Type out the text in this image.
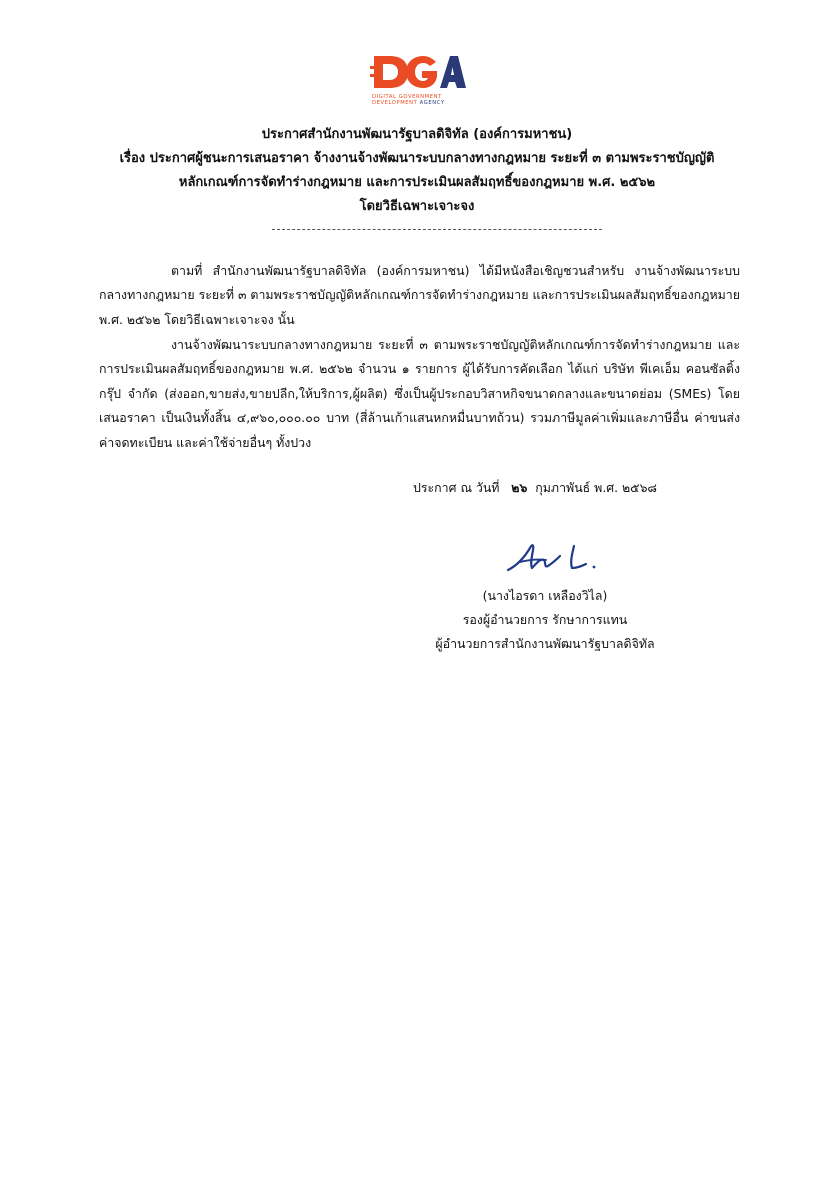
DIGITAL GOVERNMENT
DEVELOPMENT AGENCY
ประกาศสำนักงานพัฒนารัฐบาลดิจิทัล (องค์การมหาชน)
เรื่อง ประกาศผู้ชนะการเสนอราคา จ้างงานจ้างพัฒนาระบบกลางทางกฎหมาย ระยะที่ ๓ ตามพระราชบัญญัติ
หลักเกณฑ์การจัดทำร่างกฎหมาย และการประเมินผลสัมฤทธิ์ของกฎหมาย พ.ศ. ๒๕๖๒
โดยวิธีเฉพาะเจาะจง
ตามที่ สำนักงานพัฒนารัฐบาลดิจิทัล (องค์การมหาชน) ได้มีหนังสือเชิญชวนสำหรับ งานจ้างพัฒนาระบบกลางทางกฎหมาย ระยะที่ ๓ ตามพระราชบัญญัติหลักเกณฑ์การจัดทำร่างกฎหมาย และการประเมินผลสัมฤทธิ์ของกฎหมาย พ.ศ. ๒๕๖๒ โดยวิธีเฉพาะเจาะจง นั้น
งานจ้างพัฒนาระบบกลางทางกฎหมาย ระยะที่ ๓ ตามพระราชบัญญัติหลักเกณฑ์การจัดทำร่างกฎหมาย และการประเมินผลสัมฤทธิ์ของกฎหมาย พ.ศ. ๒๕๖๒ จำนวน ๑ รายการ ผู้ได้รับการคัดเลือก ได้แก่ บริษัท พีเคเอ็ม คอนซัลติ้ง กรุ๊ป จำกัด (ส่งออก,ขายส่ง,ขายปลีก,ให้บริการ,ผู้ผลิต) ซึ่งเป็นผู้ประกอบวิสาหกิจขนาดกลางและขนาดย่อม (SMEs) โดยเสนอราคา เป็นเงินทั้งสิ้น ๔,๙๖๐,๐๐๐.๐๐ บาท (สี่ล้านเก้าแสนหกหมื่นบาทถ้วน) รวมภาษีมูลค่าเพิ่มและภาษีอื่น ค่าขนส่ง ค่าจดทะเบียน และค่าใช้จ่ายอื่นๆ ทั้งปวง
ประกาศ ณ วันที่ ๒๖ กุมภาพันธ์ พ.ศ. ๒๕๖๘
(นางไอรดา เหลืองวิไล)
รองผู้อำนวยการ รักษาการแทน
ผู้อำนวยการสำนักงานพัฒนารัฐบาลดิจิทัล
